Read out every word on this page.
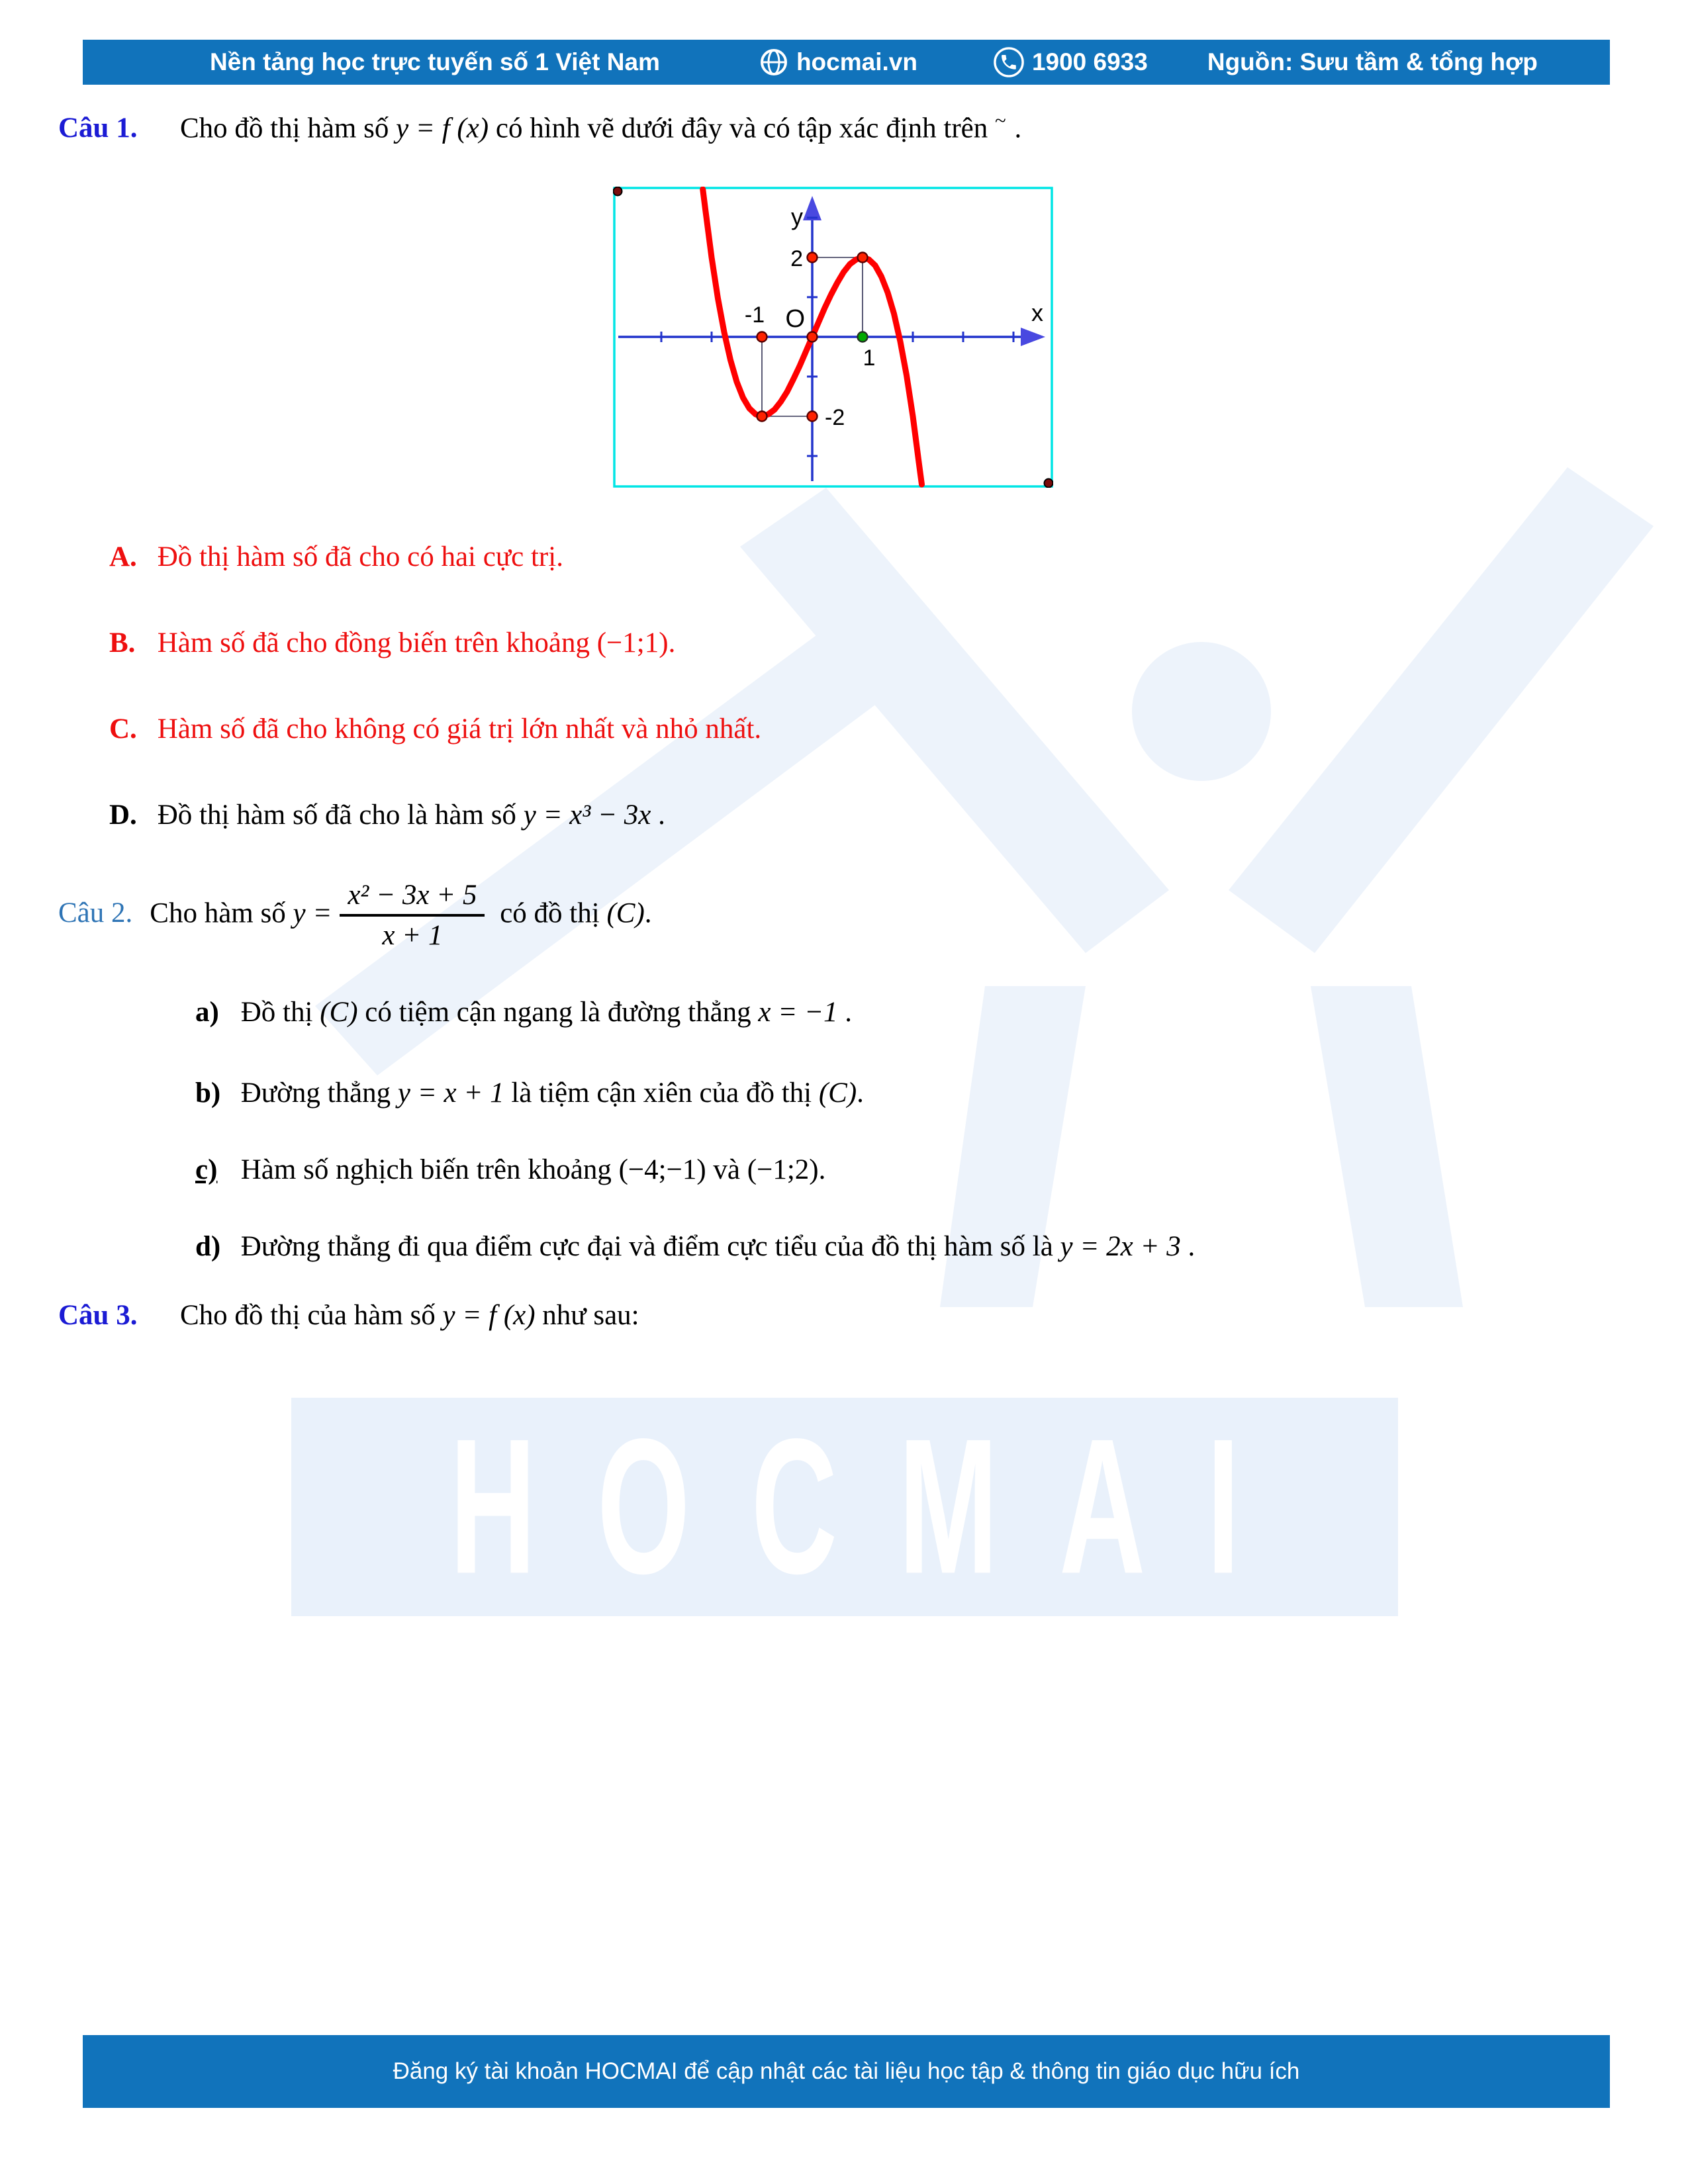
Nền tảng học trực tuyến số 1 Việt Nam	hocmai.vn	1900 6933 Nguồn: Sưu tầm & tổng hợp
Câu 1. Cho đồ thị hàm số y = f (x) có hình vẽ dưới đây và có tập xác định trên ~ .
y
x
O
2
-1
1
-2
A. Đồ thị hàm số đã cho có hai cực trị.
B. Hàm số đã cho đồng biến trên khoảng (−1;1).
C. Hàm số đã cho không có giá trị lớn nhất và nhỏ nhất.
D. Đồ thị hàm số đã cho là hàm số y = x³ − 3x .
Câu 2. Cho hàm số $y = \frac{\text{x² − 3x + 5}}{x + 1}$ có đồ thị (C).
a) Đồ thị (C) có tiệm cận ngang là đường thẳng x = −1 .
b) Đường thẳng y = x + 1 là tiệm cận xiên của đồ thị (C).
c) Hàm số nghịch biến trên khoảng (−4;−1) và (−1;2).
d) Đường thẳng đi qua điểm cực đại và điểm cực tiểu của đồ thị hàm số là y = 2x + 3 .
Câu 3. Cho đồ thị của hàm số y = f (x) như sau:
HOCMAI
Đăng ký tài khoản HOCMAI để cập nhật các tài liệu học tập & thông tin giáo dục hữu ích
